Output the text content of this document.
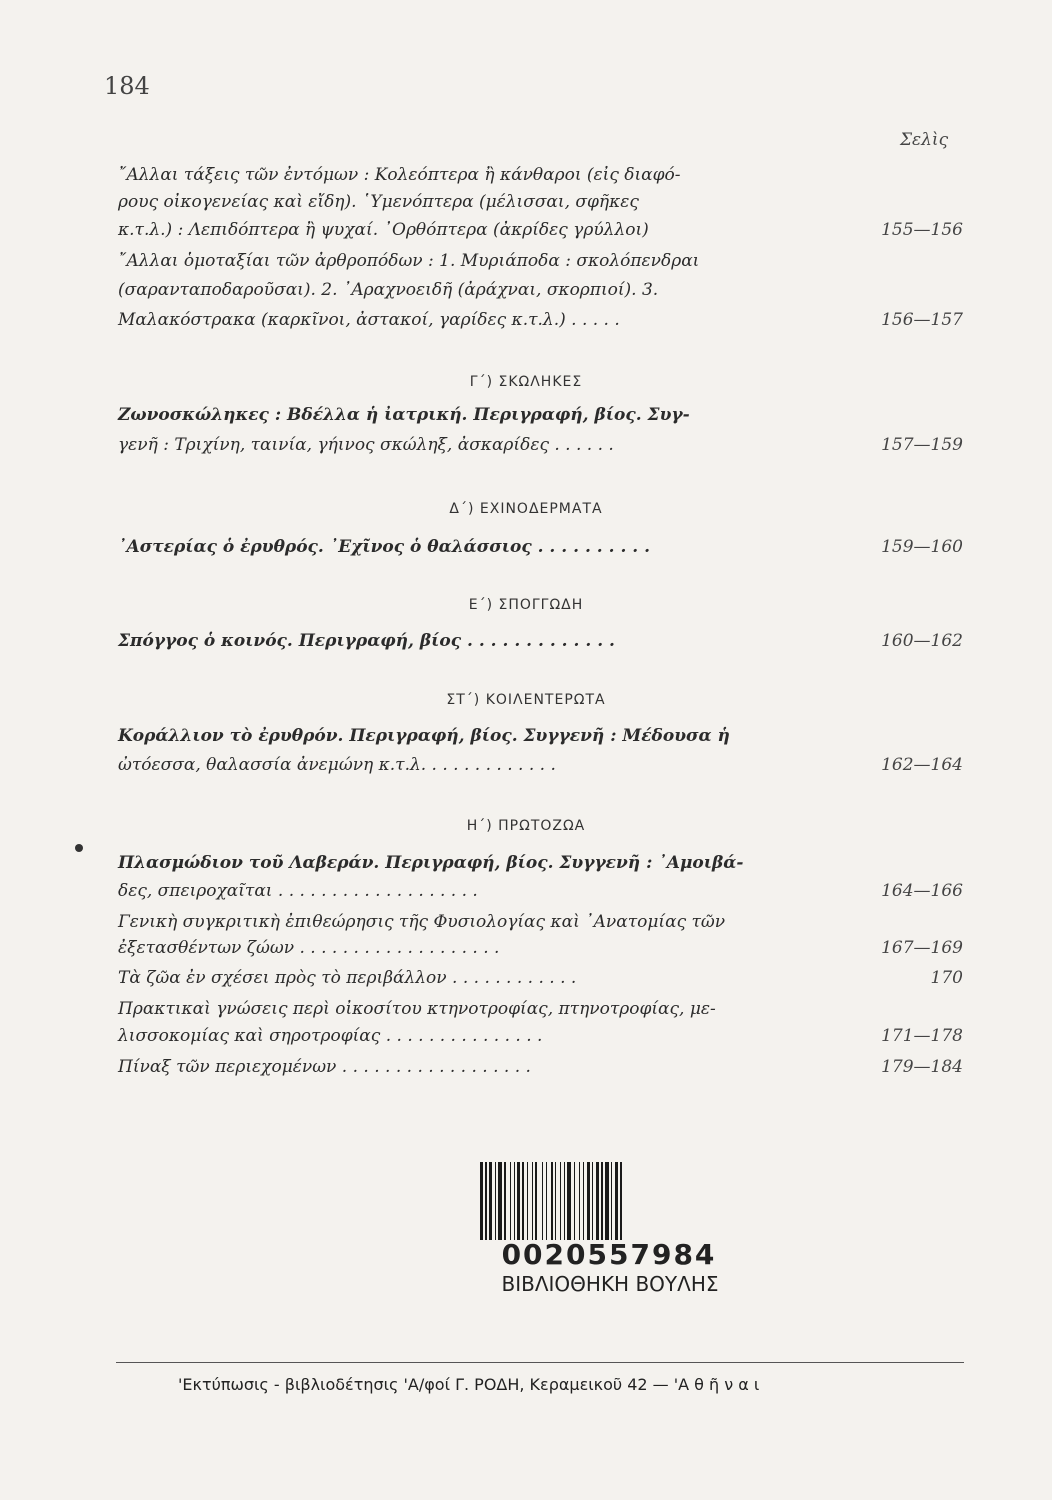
184
Σελὶς
῎Αλλαι τάξεις τῶν ἐντόμων : Κολεόπτερα ἢ κάνθαροι (εἰς διαφό-
ρους οἰκογενείας καὶ εἴδη). ῾Υμενόπτερα (μέλισσαι, σφῆκες
κ.τ.λ.) : Λεπιδόπτερα ἢ ψυχαί. ᾿Ορθόπτερα (ἀκρίδες γρύλλοι)	155—156
῎Αλλαι ὁμοταξίαι τῶν ἀρθροπόδων : 1. Μυριάποδα : σκολόπενδραι
(σαρανταποδαροῦσαι). 2. ᾿Αραχνοειδῆ (ἀράχναι, σκορπιοί). 3.
Μαλακόστρακα (καρκῖνοι, ἀστακοί, γαρίδες κ.τ.λ.) . . . . .	156—157
Γ´) ΣΚΩΛΗΚΕΣ
Ζωνοσκώληκες : Βδέλλα ἡ ἰατρική. Περιγραφή, βίος. Συγ-
γενῆ : Τριχίνη, ταινία, γήινος σκώληξ, ἀσκαρίδες . . . . . .	157—159
Δ´) ΕΧΙΝΟΔΕΡΜΑΤΑ
᾿Αστερίας ὁ ἐρυθρός. ᾿Εχῖνος ὁ θαλάσσιος . . . . . . . . . .	159—160
Ε´) ΣΠΟΓΓΩΔΗ
Σπόγγος ὁ κοινός. Περιγραφή, βίος . . . . . . . . . . . . .	160—162
ΣΤ´) ΚΟΙΛΕΝΤΕΡΩΤΑ
Κοράλλιον τὸ ἐρυθρόν. Περιγραφή, βίος. Συγγενῆ : Μέδουσα ἡ
ὠτόεσσα, θαλασσία ἀνεμώνη κ.τ.λ. . . . . . . . . . . . .	162—164
Η´) ΠΡΩΤΟΖΩΑ
Πλασμώδιον τοῦ Λαβεράν. Περιγραφή, βίος. Συγγενῆ : ᾿Αμοιβά-
δες, σπειροχαῖται . . . . . . . . . . . . . . . . . . .	164—166
Γενικὴ συγκριτικὴ ἐπιθεώρησις τῆς Φυσιολογίας καὶ ᾿Ανατομίας τῶν
ἐξετασθέντων ζώων . . . . . . . . . . . . . . . . . . .	167—169
Τὰ ζῶα ἐν σχέσει πρὸς τὸ περιβάλλον . . . . . . . . . . . .	170
Πρακτικαὶ γνώσεις περὶ οἰκοσίτου κτηνοτροφίας, πτηνοτροφίας, με-
λισσοκομίας καὶ σηροτροφίας . . . . . . . . . . . . . . .	171—178
Πίναξ τῶν περιεχομένων . . . . . . . . . . . . . . . . . .	179—184
0020557984
ΒΙΒΛΙΟΘΗΚΗ ΒΟΥΛΗΣ
'Εκτύπωσις - βιβλιοδέτησις 'Α/φοί Γ. ΡΟΔΗ, Κεραμεικοῦ 42 — 'Α θ ῆ ν α ι
